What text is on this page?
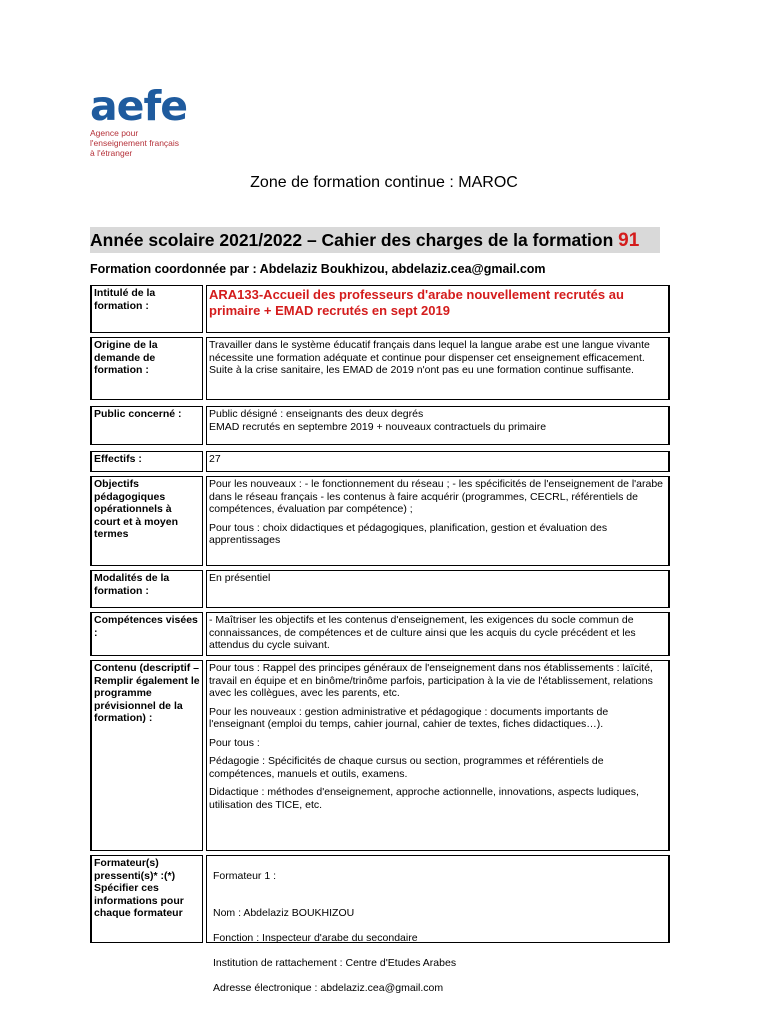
aefe
Agence pour
l'enseignement français
à l'étranger
Zone de formation continue : MAROC
Année scolaire 2021/2022 – Cahier des charges de la formation 91
Formation coordonnée par : Abdelaziz Boukhizou, abdelaziz.cea@gmail.com
Intitulé de la formation :
ARA133-Accueil des professeurs d'arabe nouvellement recrutés au primaire + EMAD recrutés en sept 2019
Origine de la demande de formation :
Travailler dans le système éducatif français dans lequel la langue arabe est une langue vivante nécessite une formation adéquate et continue pour dispenser cet enseignement efficacement. Suite à la crise sanitaire, les EMAD de 2019 n'ont pas eu une formation continue suffisante.
Public concerné :	Public désigné : enseignants des deux degrés
EMAD recrutés en septembre 2019 + nouveaux contractuels du primaire
Effectifs :	27
Objectifs pédagogiques opérationnels à court et à moyen termes

Pour les nouveaux : - le fonctionnement du réseau ; - les spécificités de l'enseignement de l'arabe dans le réseau français - les contenus à faire acquérir (programmes, CECRL, référentiels de compétences, évaluation par compétence) ;

Pour tous : choix didactiques et pédagogiques, planification, gestion et évaluation des apprentissages

Modalités de la formation :
En présentiel
Compétences visées :
- Maîtriser les objectifs et les contenus d'enseignement, les exigences du socle commun de connaissances, de compétences et de culture ainsi que les acquis du cycle précédent et les attendus du cycle suivant.
Contenu (descriptif – Remplir également le programme prévisionnel de la formation) :

Pour tous : Rappel des principes généraux de l'enseignement dans nos établissements : laïcité, travail en équipe et en binôme/trinôme parfois, participation à la vie de l'établissement, relations avec les collègues, avec les parents, etc.

Pour les nouveaux : gestion administrative et pédagogique : documents importants de l'enseignant (emploi du temps, cahier journal, cahier de textes, fiches didactiques…).

Pour tous :

Pédagogie : Spécificités de chaque cursus ou section, programmes et référentiels de compétences, manuels et outils, examens.

Didactique : méthodes d'enseignement, approche actionnelle, innovations, aspects ludiques, utilisation des TICE, etc.

Formateur(s) pressenti(s)* :(*) Spécifier ces informations pour chaque formateur

Formateur 1 :

Nom : Abdelaziz BOUKHIZOU

Fonction : Inspecteur d'arabe du secondaire

Institution de rattachement : Centre d'Etudes Arabes

Adresse électronique : abdelaziz.cea@gmail.com
